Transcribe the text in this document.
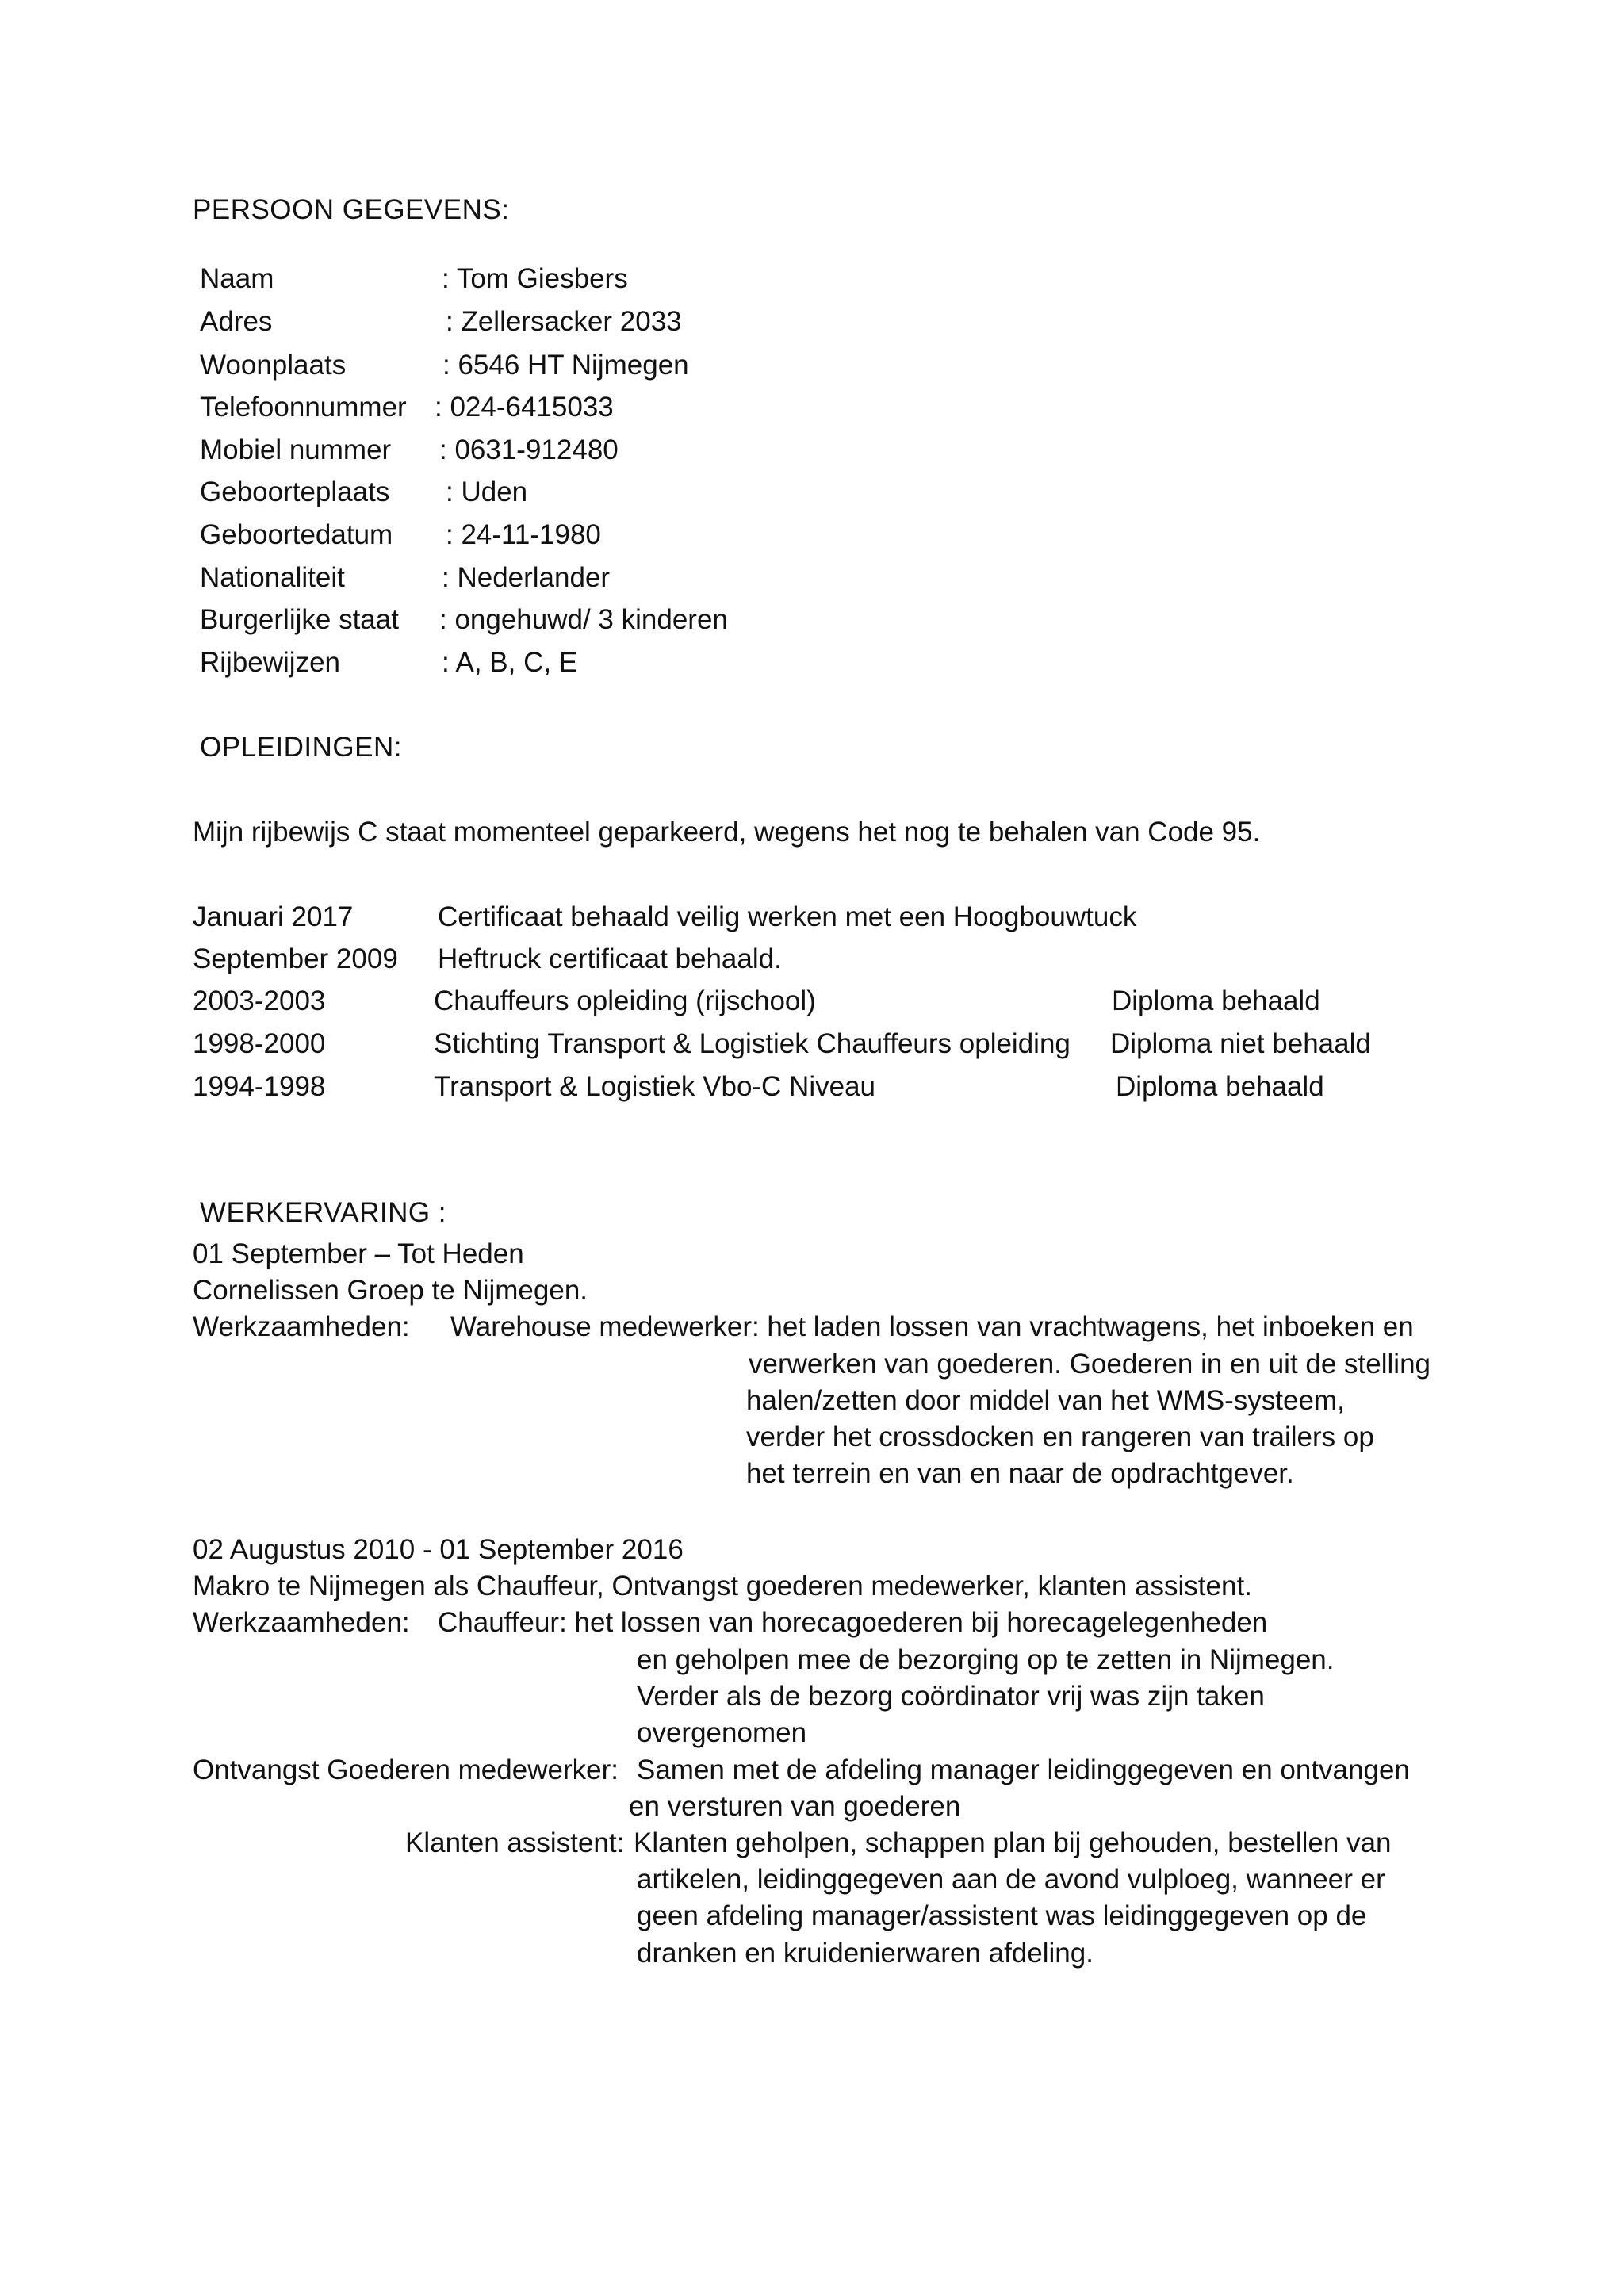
PERSOON GEGEVENS:
Naam	: Tom Giesbers
Adres	: Zellersacker 2033
Woonplaats	: 6546 HT Nijmegen
Telefoonnummer : 024-6415033
Mobiel nummer : 0631-912480
Geboorteplaats : Uden
Geboortedatum : 24-11-1980
Nationaliteit	: Nederlander
Burgerlijke staat : ongehuwd/ 3 kinderen
Rijbewijzen	: A, B, C, E
OPLEIDINGEN:
Mijn rijbewijs C staat momenteel geparkeerd, wegens het nog te behalen van Code 95.
Januari 2017	Certificaat behaald veilig werken met een Hoogbouwtuck
September 2009 Heftruck certificaat behaald.
2003-2003	Chauffeurs opleiding (rijschool)	Diploma behaald
1998-2000	Stichting Transport & Logistiek Chauffeurs opleiding Diploma niet behaald
1994-1998	Transport & Logistiek Vbo-C Niveau	Diploma behaald
WERKERVARING :
01 September – Tot Heden
Cornelissen Groep te Nijmegen.
Werkzaamheden: Warehouse medewerker: het laden lossen van vrachtwagens, het inboeken en
verwerken van goederen. Goederen in en uit de stelling
halen/zetten door middel van het WMS-systeem,
verder het crossdocken en rangeren van trailers op
het terrein en van en naar de opdrachtgever.
02 Augustus 2010 - 01 September 2016
Makro te Nijmegen als Chauffeur, Ontvangst goederen medewerker, klanten assistent.
Werkzaamheden: Chauffeur: het lossen van horecagoederen bij horecagelegenheden
en geholpen mee de bezorging op te zetten in Nijmegen.
Verder als de bezorg coördinator vrij was zijn taken
overgenomen
Ontvangst Goederen medewerker: Samen met de afdeling manager leidinggegeven en ontvangen
en versturen van goederen
Klanten assistent: Klanten geholpen, schappen plan bij gehouden, bestellen van
artikelen, leidinggegeven aan de avond vulploeg, wanneer er
geen afdeling manager/assistent was leidinggegeven op de
dranken en kruidenierwaren afdeling.
